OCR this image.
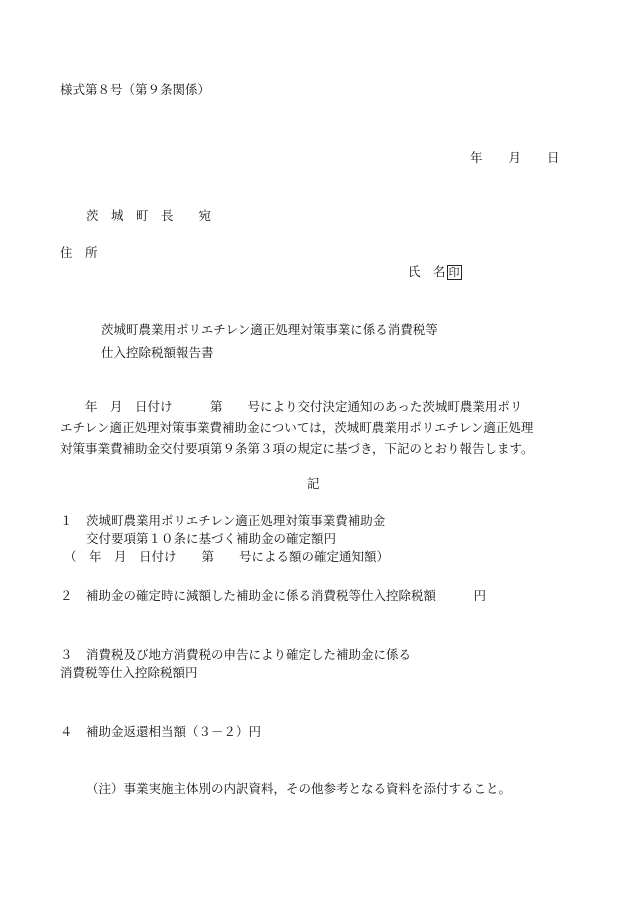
様式第８号（第９条関係）
年 月 日
茨　城　町　長　　宛
住　所
氏　名 印
茨城町農業用ポリエチレン適正処理対策事業に係る消費税等
仕入控除税額報告書

　　年　月　日付け　　　第　　号により交付決定通知のあった茨城町農業用ポリ

エチレン適正処理対策事業費補助金については，茨城町農業用ポリエチレン適正処理

対策事業費補助金交付要項第９条第３項の規定に基づき，下記のとおり報告します。

記
１ 茨城町農業用ポリエチレン適正処理対策事業費補助金
交付要項第１０条に基づく補助金の確定額円
（　年　月　日付け　　第　　号による額の確定通知額）
２ 補助金の確定時に減額した補助金に係る消費税等仕入控除税額　　　円
３ 消費税及び地方消費税の申告により確定した補助金に係る
消費税等仕入控除税額円
４ 補助金返還相当額（３－２）円
（注）事業実施主体別の内訳資料，その他参考となる資料を添付すること。
